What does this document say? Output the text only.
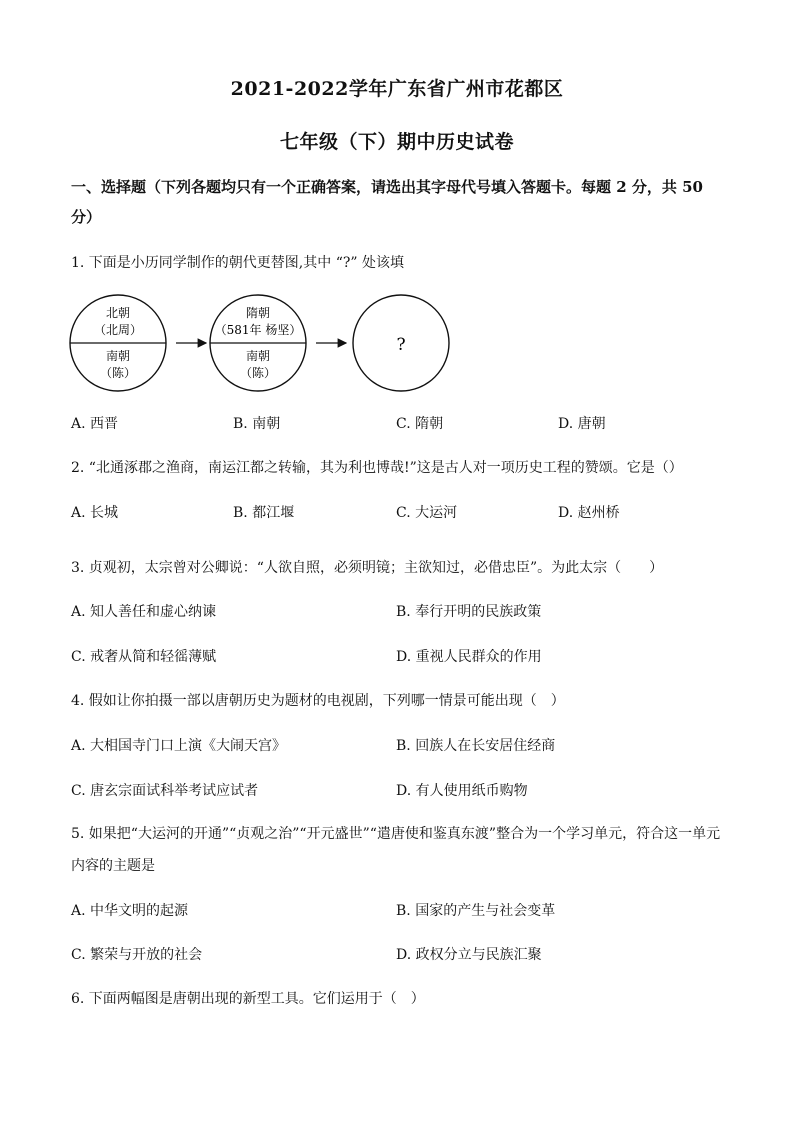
2021-2022学年广东省广州市花都区
七年级（下）期中历史试卷
一、选择题（下列各题均只有一个正确答案，请选出其字母代号填入答题卡。每题 2 分，共 50 分）
1. 下面是小历同学制作的朝代更替图,其中 “?” 处该填
北朝
（北周）
南朝
（陈）
隋朝
（581年 杨坚）
南朝
（陈）
?
A. 西晋	B. 南朝	C. 隋朝	D. 唐朝
2. “北通涿郡之渔商，南运江都之转输，其为利也博哉!”这是古人对一项历史工程的赞颂。它是（）
A. 长城	B. 都江堰	C. 大运河	D. 赵州桥
3. 贞观初，太宗曾对公卿说：“人欲自照，必须明镜；主欲知过，必借忠臣”。为此太宗（　　）
A. 知人善任和虚心纳谏	B. 奉行开明的民族政策
C. 戒奢从简和轻徭薄赋	D. 重视人民群众的作用
4. 假如让你拍摄一部以唐朝历史为题材的电视剧，下列哪一情景可能出现（　）
A. 大相国寺门口上演《大闹天宫》	B. 回族人在长安居住经商
C. 唐玄宗面试科举考试应试者	D. 有人使用纸币购物
5. 如果把“大运河的开通”“贞观之治”“开元盛世”“遣唐使和鉴真东渡”整合为一个学习单元，符合这一单元内容的主题是
A. 中华文明的起源	B. 国家的产生与社会变革
C. 繁荣与开放的社会	D. 政权分立与民族汇聚
6. 下面两幅图是唐朝出现的新型工具。它们运用于（　）
